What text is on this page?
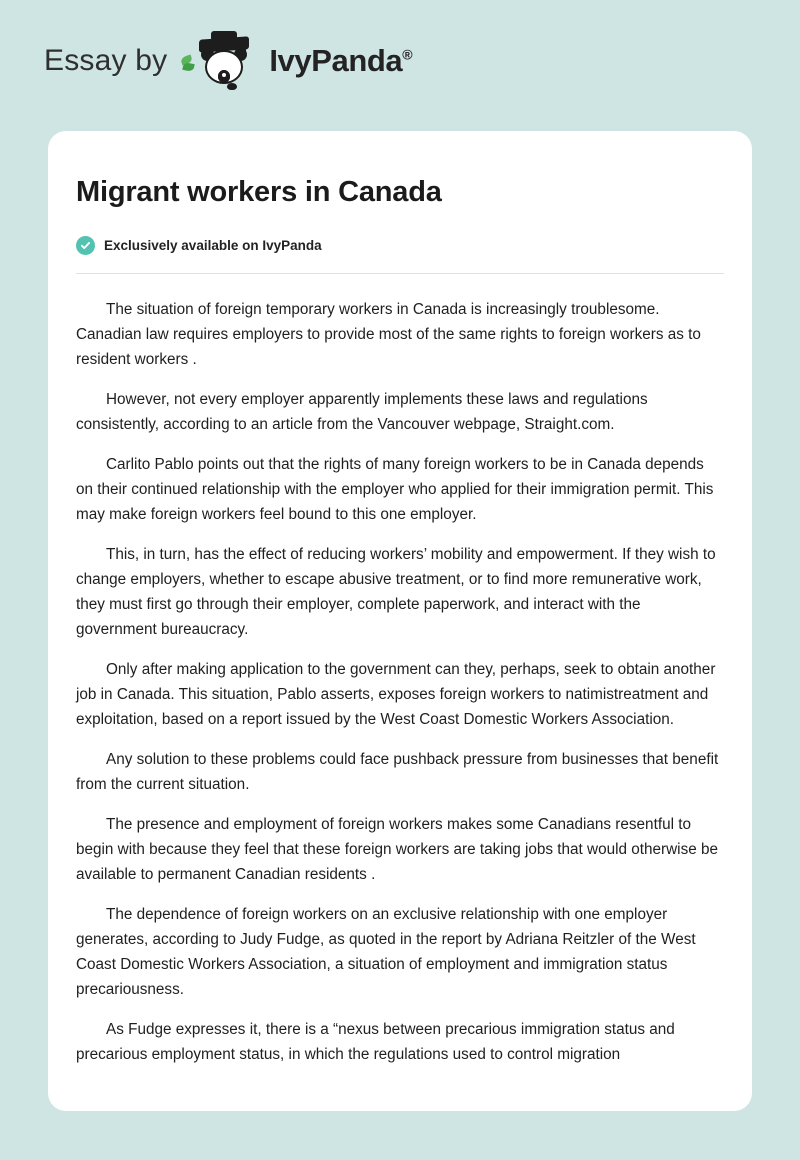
Essay by	IvyPanda®
Migrant workers in Canada
Exclusively available on IvyPanda

The situation of foreign temporary workers in Canada is increasingly troublesome. Canadian law requires employers to provide most of the same rights to foreign workers as to resident workers .

However, not every employer apparently implements these laws and regulations consistently, according to an article from the Vancouver webpage, Straight.com.

Carlito Pablo points out that the rights of many foreign workers to be in Canada depends on their continued relationship with the employer who applied for their immigration permit. This may make foreign workers feel bound to this one employer.

This, in turn, has the effect of reducing workers’ mobility and empowerment. If they wish to change employers, whether to escape abusive treatment, or to find more remunerative work, they must first go through their employer, complete paperwork, and interact with the government bureaucracy.

Only after making application to the government can they, perhaps, seek to obtain another job in Canada. This situation, Pablo asserts, exposes foreign workers to natimistreatment and exploitation, based on a report issued by the West Coast Domestic Workers Association.

Any solution to these problems could face pushback pressure from businesses that benefit from the current situation.

The presence and employment of foreign workers makes some Canadians resentful to begin with because they feel that these foreign workers are taking jobs that would otherwise be available to permanent Canadian residents .

The dependence of foreign workers on an exclusive relationship with one employer generates, according to Judy Fudge, as quoted in the report by Adriana Reitzler of the West Coast Domestic Workers Association, a situation of employment and immigration status precariousness.

As Fudge expresses it, there is a “nexus between precarious immigration status and precarious employment status, in which the regulations used to control migration
